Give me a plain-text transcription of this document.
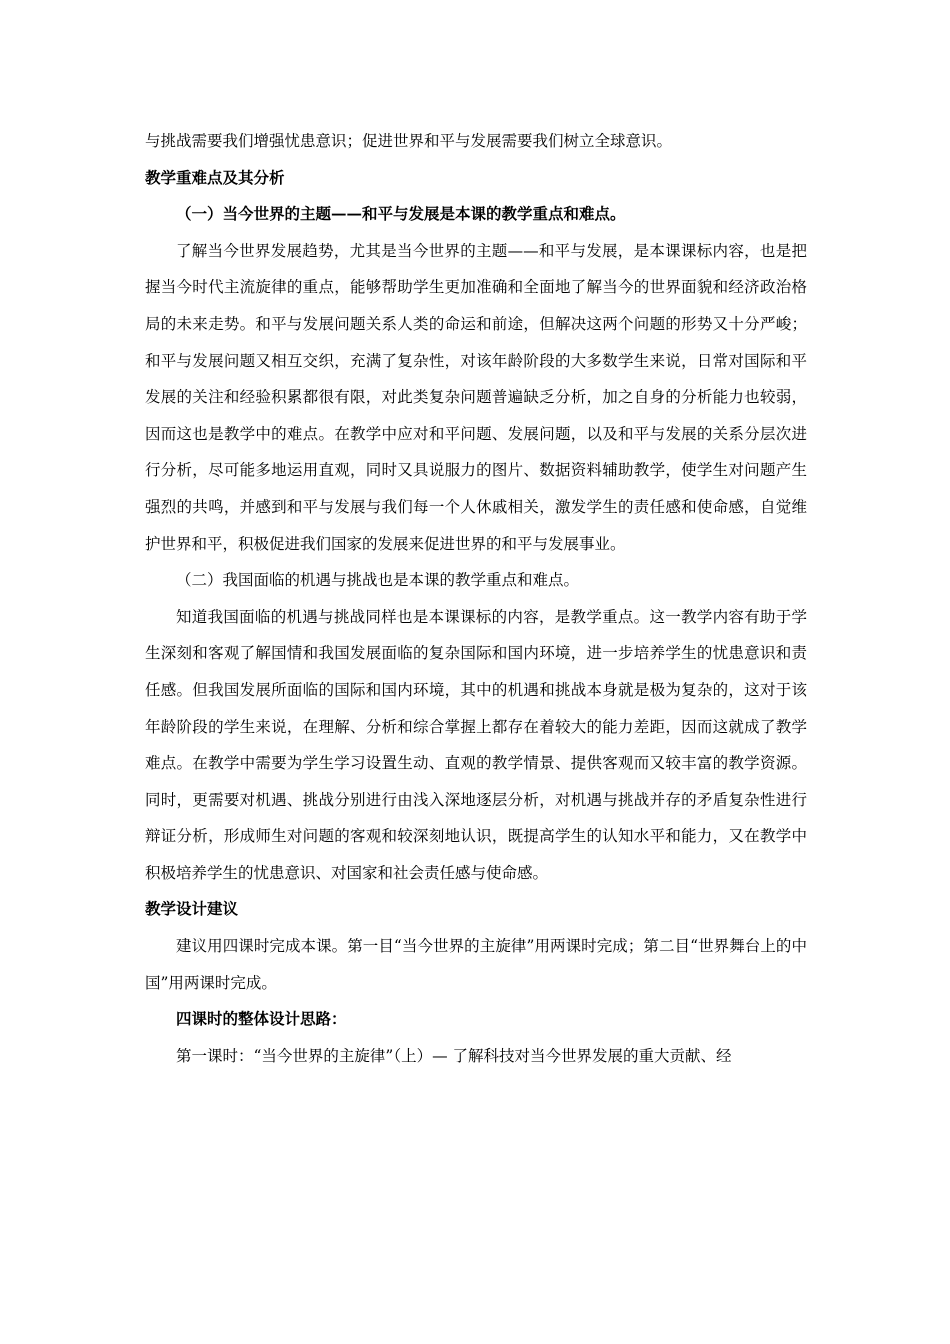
与挑战需要我们增强忧患意识；促进世界和平与发展需要我们树立全球意识。

教学重难点及其分析

（一）当今世界的主题——和平与发展是本课的教学重点和难点。

了解当今世界发展趋势，尤其是当今世界的主题——和平与发展，是本课课标内容，也是把握当今时代主流旋律的重点，能够帮助学生更加准确和全面地了解当今的世界面貌和经济政治格局的未来走势。和平与发展问题关系人类的命运和前途，但解决这两个问题的形势又十分严峻；和平与发展问题又相互交织，充满了复杂性，对该年龄阶段的大多数学生来说，日常对国际和平发展的关注和经验积累都很有限，对此类复杂问题普遍缺乏分析，加之自身的分析能力也较弱，因而这也是教学中的难点。在教学中应对和平问题、发展问题，以及和平与发展的关系分层次进行分析，尽可能多地运用直观，同时又具说服力的图片、数据资料辅助教学，使学生对问题产生强烈的共鸣，并感到和平与发展与我们每一个人休戚相关，激发学生的责任感和使命感，自觉维护世界和平，积极促进我们国家的发展来促进世界的和平与发展事业。

（二）我国面临的机遇与挑战也是本课的教学重点和难点。

知道我国面临的机遇与挑战同样也是本课课标的内容，是教学重点。这一教学内容有助于学生深刻和客观了解国情和我国发展面临的复杂国际和国内环境，进一步培养学生的忧患意识和责任感。但我国发展所面临的国际和国内环境，其中的机遇和挑战本身就是极为复杂的，这对于该年龄阶段的学生来说，在理解、分析和综合掌握上都存在着较大的能力差距，因而这就成了教学难点。在教学中需要为学生学习设置生动、直观的教学情景、提供客观而又较丰富的教学资源。同时，更需要对机遇、挑战分别进行由浅入深地逐层分析，对机遇与挑战并存的矛盾复杂性进行辩证分析，形成师生对问题的客观和较深刻地认识，既提高学生的认知水平和能力，又在教学中积极培养学生的忧患意识、对国家和社会责任感与使命感。

教学设计建议

建议用四课时完成本课。第一目“当今世界的主旋律”用两课时完成；第二目“世界舞台上的中国”用两课时完成。

四课时的整体设计思路：

第一课时：“当今世界的主旋律”（上）— 了解科技对当今世界发展的重大贡献、经
